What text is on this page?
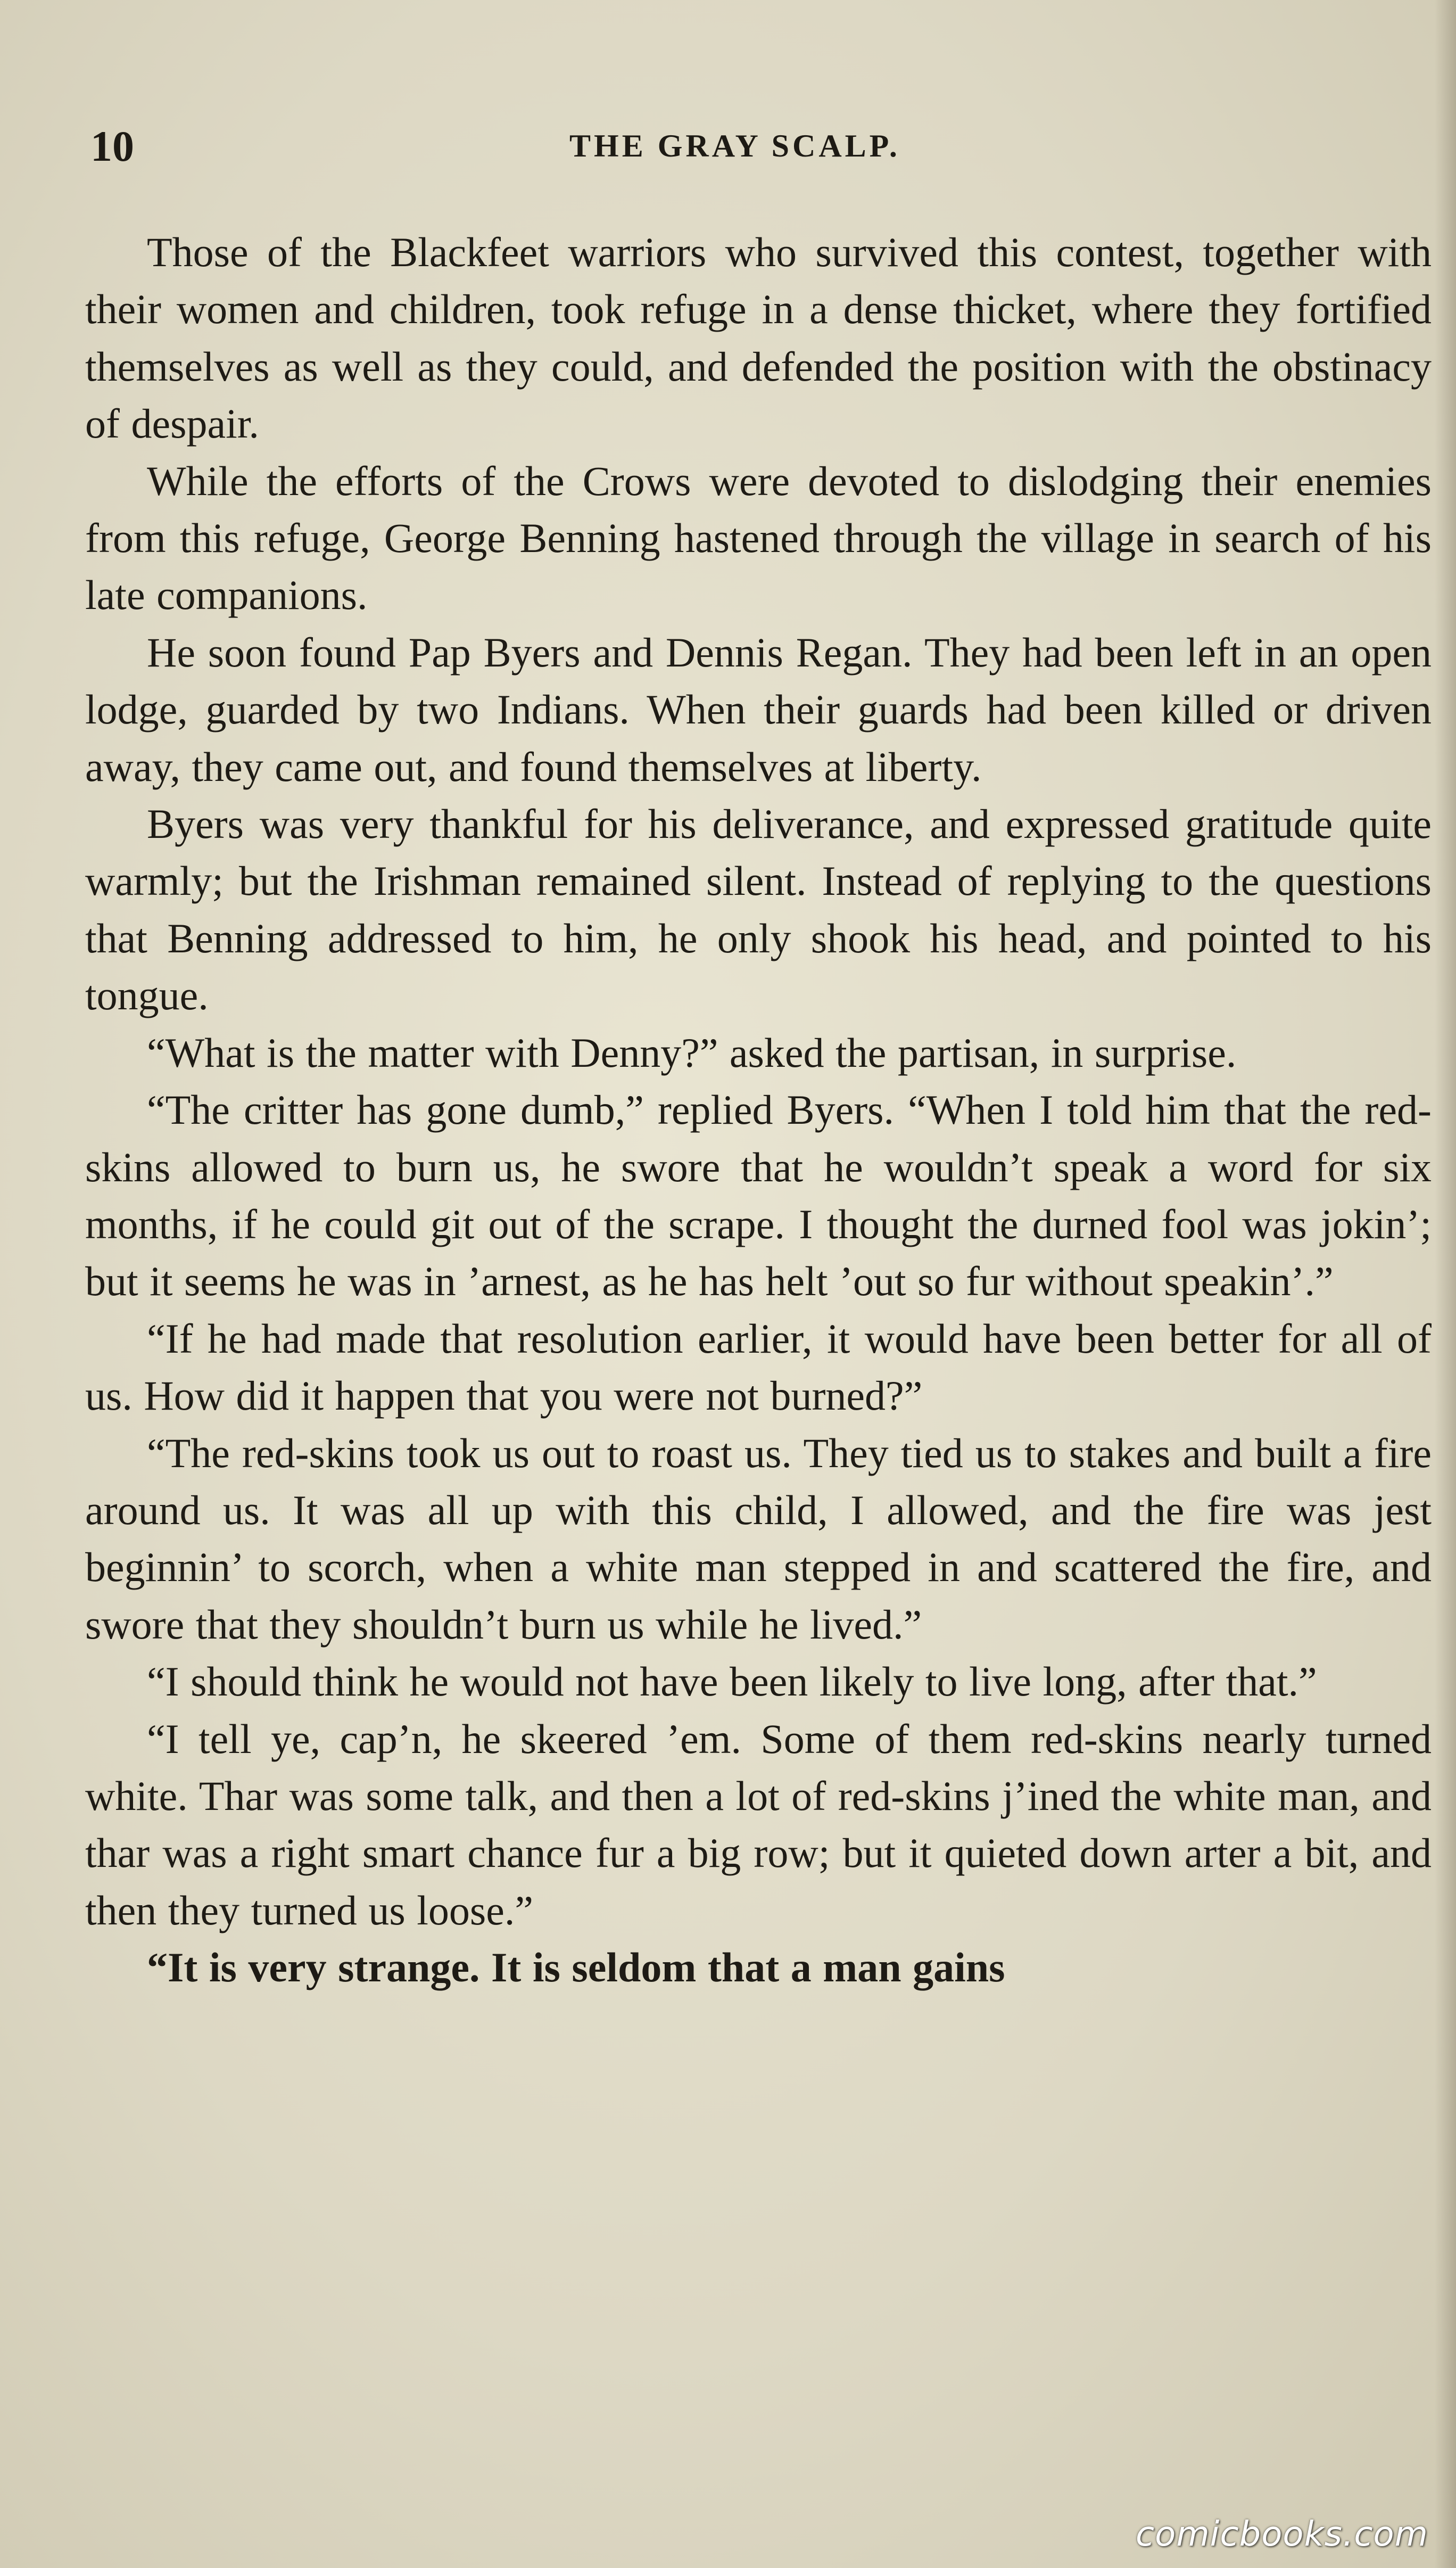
10	THE GRAY SCALP.

Those of the Blackfeet warriors who survived this contest, together with their women and children, took refuge in a dense thicket, where they fortified themselves as well as they could, and defended the position with the obstinacy of despair.

While the efforts of the Crows were devoted to dislodging their enemies from this refuge, George Benning hastened through the village in search of his late companions.

He soon found Pap Byers and Dennis Regan. They had been left in an open lodge, guarded by two Indians. When their guards had been killed or driven away, they came out, and found themselves at liberty.

Byers was very thankful for his deliverance, and expressed gratitude quite warmly; but the Irishman remained silent. Instead of replying to the questions that Benning addressed to him, he only shook his head, and pointed to his tongue.

“What is the matter with Denny?” asked the partisan, in surprise.

“The critter has gone dumb,” replied Byers. “When I told him that the red-skins allowed to burn us, he swore that he wouldn’t speak a word for six months, if he could git out of the scrape. I thought the durned fool was jokin’; but it seems he was in ’arnest, as he has helt ’out so fur without speakin’.”

“If he had made that resolution earlier, it would have been better for all of us. How did it happen that you were not burned?”

“The red-skins took us out to roast us. They tied us to stakes and built a fire around us. It was all up with this child, I allowed, and the fire was jest beginnin’ to scorch, when a white man stepped in and scattered the fire, and swore that they shouldn’t burn us while he lived.”

“I should think he would not have been likely to live long, after that.”

“I tell ye, cap’n, he skeered ’em. Some of them red-skins nearly turned white. Thar was some talk, and then a lot of red-skins j’ined the white man, and thar was a right smart chance fur a big row; but it quieted down arter a bit, and then they turned us loose.”

“It is very strange. It is seldom that a man gains

comicbooks.com
